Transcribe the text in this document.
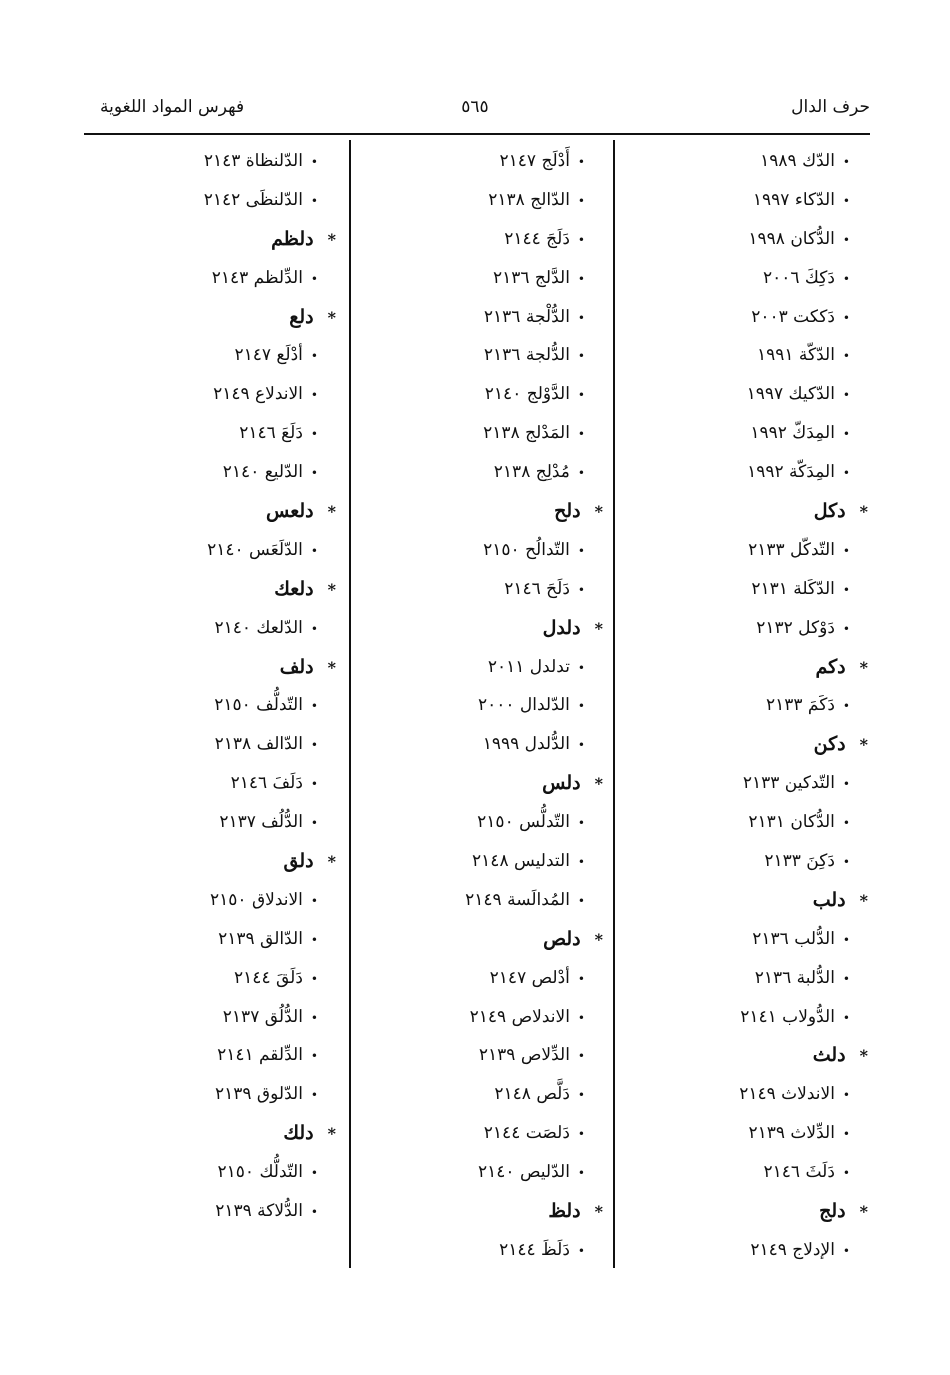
حرف الدال
٥٦٥
فهرس المواد اللغوية
•الدّك ١٩٨٩
•الدّكاء ١٩٩٧
•الدُّكان ١٩٩٨
•دَكِكَ ٢٠٠٦
•دَككت ٢٠٠٣
•الدّكّة ١٩٩١
•الدّكيك ١٩٩٧
•المِدَكّ ١٩٩٢
•المِدَكّة ١٩٩٢
*دكل
•التّدكّل ٢١٣٣
•الدّكَلة ٢١٣١
•دَوْكل ٢١٣٢
*دكم
•دَكَمَ ٢١٣٣
*دكن
•التّدكين ٢١٣٣
•الدُّكان ٢١٣١
•دَكِنَ ٢١٣٣
*دلب
•الدُّلب ٢١٣٦
•الدُّلبة ٢١٣٦
•الدُّولاب ٢١٤١
*دلث
•الاندلاث ٢١٤٩
•الدِّلاث ٢١٣٩
•دَلَثَ ٢١٤٦
*دلج
•الإدلاج ٢١٤٩
•أَدْلَج ٢١٤٧
•الدّالج ٢١٣٨
•دَلَجَ ٢١٤٤
•الدَّلج ٢١٣٦
•الدُّلْجة ٢١٣٦
•الدُّلجة ٢١٣٦
•الدَّوْلج ٢١٤٠
•المَدْلج ٢١٣٨
•مُدْلِج ٢١٣٨
*دلح
•التّدالُح ٢١٥٠
•دَلَحَ ٢١٤٦
*دلدل
•تدلدل ٢٠١١
•الدّلدال ٢٠٠٠
•الدُّلدل ١٩٩٩
*دلس
•التّدلُّس ٢١٥٠
•التدليس ٢١٤٨
•المُدالَسة ٢١٤٩
*دلص
•أدْلص ٢١٤٧
•الاندلاص ٢١٤٩
•الدِّلاص ٢١٣٩
•دَلَّص ٢١٤٨
•دَلصَت ٢١٤٤
•الدّليص ٢١٤٠
*دلظ
•دَلَظَ ٢١٤٤
•الدّلنظاة ٢١٤٣
•الدّلنظَى ٢١٤٢
*دلظم
•الدِّلظم ٢١٤٣
*دلع
•أدْلَع ٢١٤٧
•الاندلاع ٢١٤٩
•دَلَعَ ٢١٤٦
•الدّليع ٢١٤٠
*دلعس
•الدّلَعَس ٢١٤٠
*دلعك
•الدّلعك ٢١٤٠
*دلف
•التّدلُّف ٢١٥٠
•الدّالف ٢١٣٨
•دَلَفَ ٢١٤٦
•الدُّلُف ٢١٣٧
*دلق
•الاندلاق ٢١٥٠
•الدّالق ٢١٣٩
•دَلَقَ ٢١٤٤
•الدُّلُق ٢١٣٧
•الدِّلقم ٢١٤١
•الدّلوق ٢١٣٩
*دلك
•التّدلُّك ٢١٥٠
•الدُّلاكة ٢١٣٩
